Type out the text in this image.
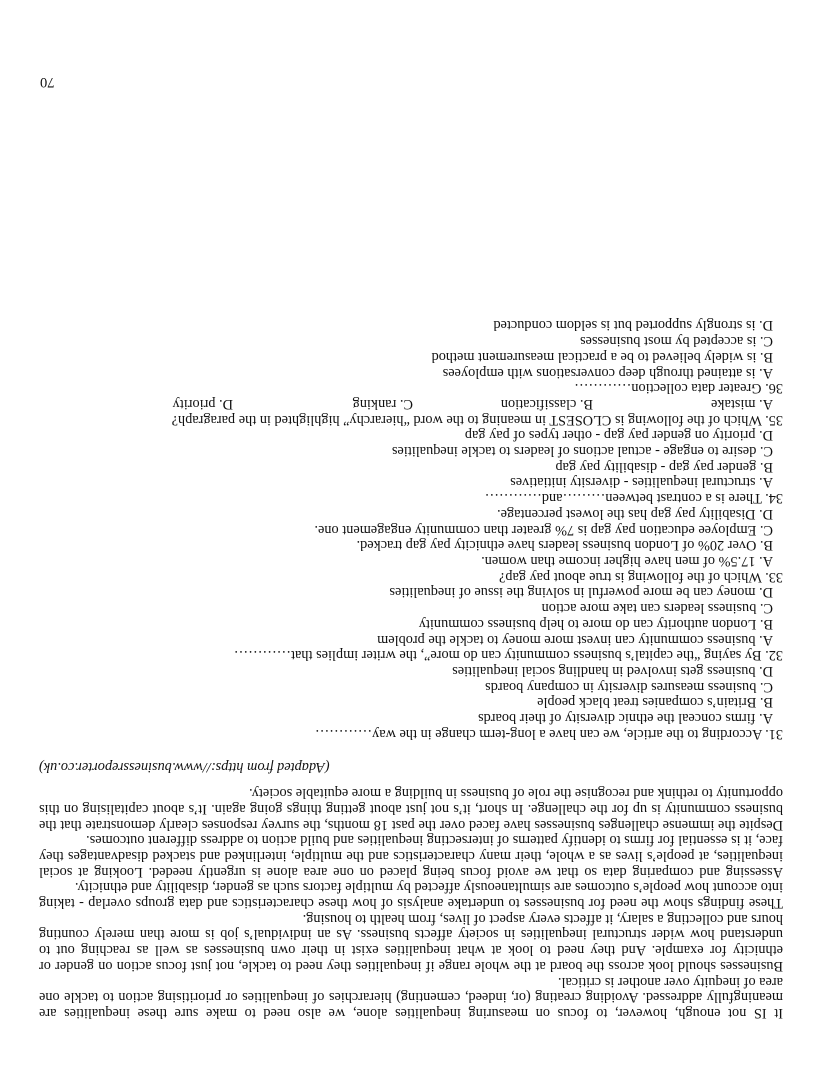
It IS not enough, however, to focus on measuring inequalities alone, we also need to make sure these inequalities are meaningfully addressed. Avoiding creating (or, indeed, cementing) hierarchies of inequalities or prioritising action to tackle one area of inequity over another is critical.

Businesses should look across the board at the whole range if inequalities they need to tackle, not just focus action on gender or ethnicity for example. And they need to look at what inequalities exist in their own businesses as well as reaching out to understand how wider structural inequalities in society affects business. As an individual’s job is more than merely counting hours and collecting a salary, it affects every aspect of lives, from health to housing.

These findings show the need for businesses to undertake analysis of how these characteristics and data groups overlap - taking into account how people’s outcomes are simultaneously affected by multiple factors such as gender, disability and ethnicity.

Assessing and comparing data so that we avoid focus being placed on one area alone is urgently needed. Looking at social inequalities, at people’s lives as a whole, their many characteristics and the multiple, interlinked and stacked disadvantages they face, it is essential for firms to identify patterns of intersecting inequalities and build action to address different outcomes.

Despite the immense challenges businesses have faced over the past 18 months, the survey responses clearly demonstrate that the business community is up for the challenge. In short, it’s not just about getting things going again. It’s about capitalising on this opportunity to rethink and recognise the role of business in building a more equitable society.

(Adapted from https://www.businessreporter.co.uk)

31. According to the article, we can have a long-term change in the way…………

A. firms conceal the ethnic diversity of their boards

B. Britain’s companies treat black people

C. business measures diversity in company boards

D. business gets involved in handling social inequalities

32. By saying “the capital’s business community can do more”, the writer implies that…………

A. business community can invest more money to tackle the problem

B. London authority can do more to help business community

C. business leaders can take more action

D. money can be more powerful in solving the issue of inequalities

33. Which of the following is true about pay gap?

A. 17.5% of men have higher income than women.

B. Over 20% of London business leaders have ethnicity pay gap tracked.

C. Employee education pay gap is 7% greater than community engagement one.

D. Disability pay gap has the lowest percentage.

34. There is a contrast between………and…………

A. structural inequalities - diversity initiatives

B. gender pay gap - disability pay gap

C. desire to engage - actual actions of leaders to tackle inequalities

D. priority on gender pay gap - other types of pay gap

35. Which of the following is CLOSEST in meaning to the word “hierarchy” highlighted in the paragraph?

A. mistake
B. classification
C. ranking
D. priority

36. Greater data collection…………

A. is attained through deep conversations with employees

B. is widely believed to be a practical measurement method

C. is accepted by most businesses

D. is strongly supported but is seldom conducted

70
